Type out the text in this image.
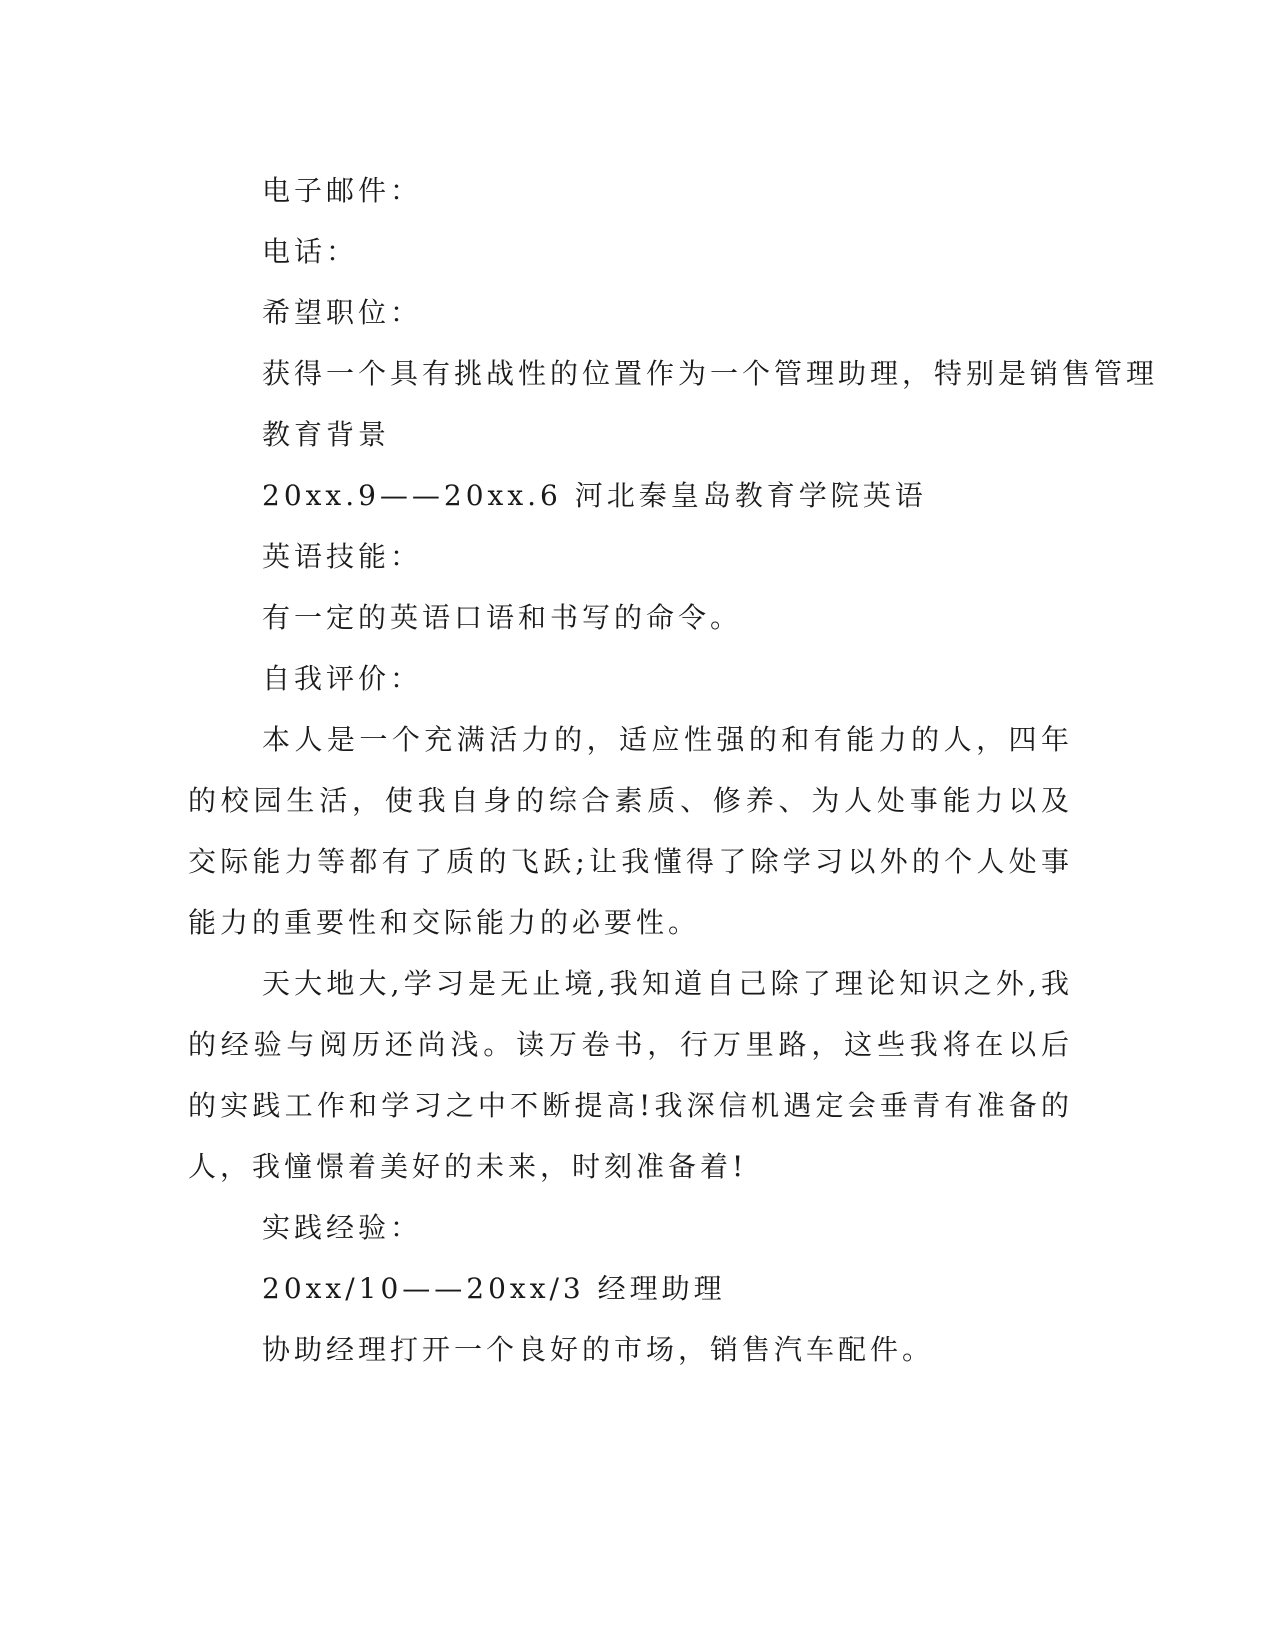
电子邮件：
电话：
希望职位：
获得一个具有挑战性的位置作为一个管理助理，特别是销售管理
教育背景
20xx.9——20xx.6 河北秦皇岛教育学院英语
英语技能：
有一定的英语口语和书写的命令。
自我评价：
本人是一个充满活力的，适应性强的和有能力的人，四年的校园生活，使我自身的综合素质、修养、为人处事能力以及交际能力等都有了质的飞跃;让我懂得了除学习以外的个人处事能力的重要性和交际能力的必要性。
天大地大,学习是无止境,我知道自己除了理论知识之外,我的经验与阅历还尚浅。读万卷书，行万里路，这些我将在以后的实践工作和学习之中不断提高!我深信机遇定会垂青有准备的人，我憧憬着美好的未来，时刻准备着!
实践经验：
20xx/10——20xx/3 经理助理
协助经理打开一个良好的市场，销售汽车配件。
